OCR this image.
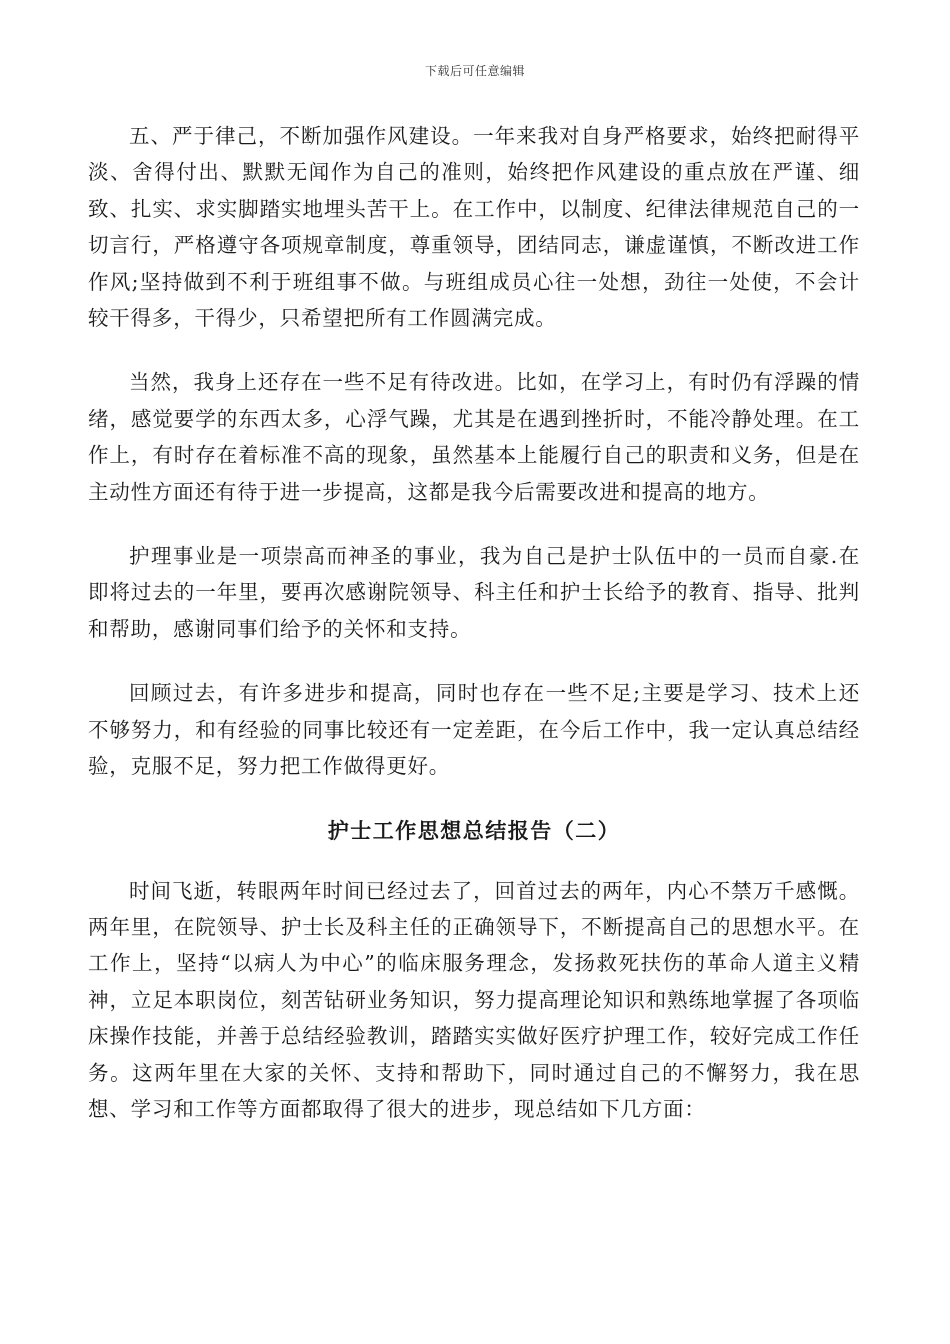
下载后可任意编辑

五、严于律己，不断加强作风建设。一年来我对自身严格要求，始终把耐得平淡、舍得付出、默默无闻作为自己的准则，始终把作风建设的重点放在严谨、细致、扎实、求实脚踏实地埋头苦干上。在工作中，以制度、纪律法律规范自己的一切言行，严格遵守各项规章制度，尊重领导，团结同志，谦虚谨慎，不断改进工作作风;坚持做到不利于班组事不做。与班组成员心往一处想，劲往一处使，不会计较干得多，干得少，只希望把所有工作圆满完成。

当然，我身上还存在一些不足有待改进。比如，在学习上，有时仍有浮躁的情绪，感觉要学的东西太多，心浮气躁，尤其是在遇到挫折时，不能冷静处理。在工作上，有时存在着标准不高的现象，虽然基本上能履行自己的职责和义务，但是在主动性方面还有待于进一步提高，这都是我今后需要改进和提高的地方。

护理事业是一项崇高而神圣的事业，我为自己是护士队伍中的一员而自豪.在即将过去的一年里，要再次感谢院领导、科主任和护士长给予的教育、指导、批判和帮助，感谢同事们给予的关怀和支持。

回顾过去，有许多进步和提高，同时也存在一些不足;主要是学习、技术上还不够努力，和有经验的同事比较还有一定差距，在今后工作中，我一定认真总结经验，克服不足，努力把工作做得更好。

护士工作思想总结报告（二）

时间飞逝，转眼两年时间已经过去了，回首过去的两年，内心不禁万千感慨。 两年里，在院领导、护士长及科主任的正确领导下，不断提高自己的思想水平。在工作上，坚持“以病人为中心”的临床服务理念，发扬救死扶伤的革命人道主义精神，立足本职岗位，刻苦钻研业务知识，努力提高理论知识和熟练地掌握了各项临床操作技能，并善于总结经验教训，踏踏实实做好医疗护理工作，较好完成工作任务。这两年里在大家的关怀、支持和帮助下，同时通过自己的不懈努力，我在思想、学习和工作等方面都取得了很大的进步，现总结如下几方面：
